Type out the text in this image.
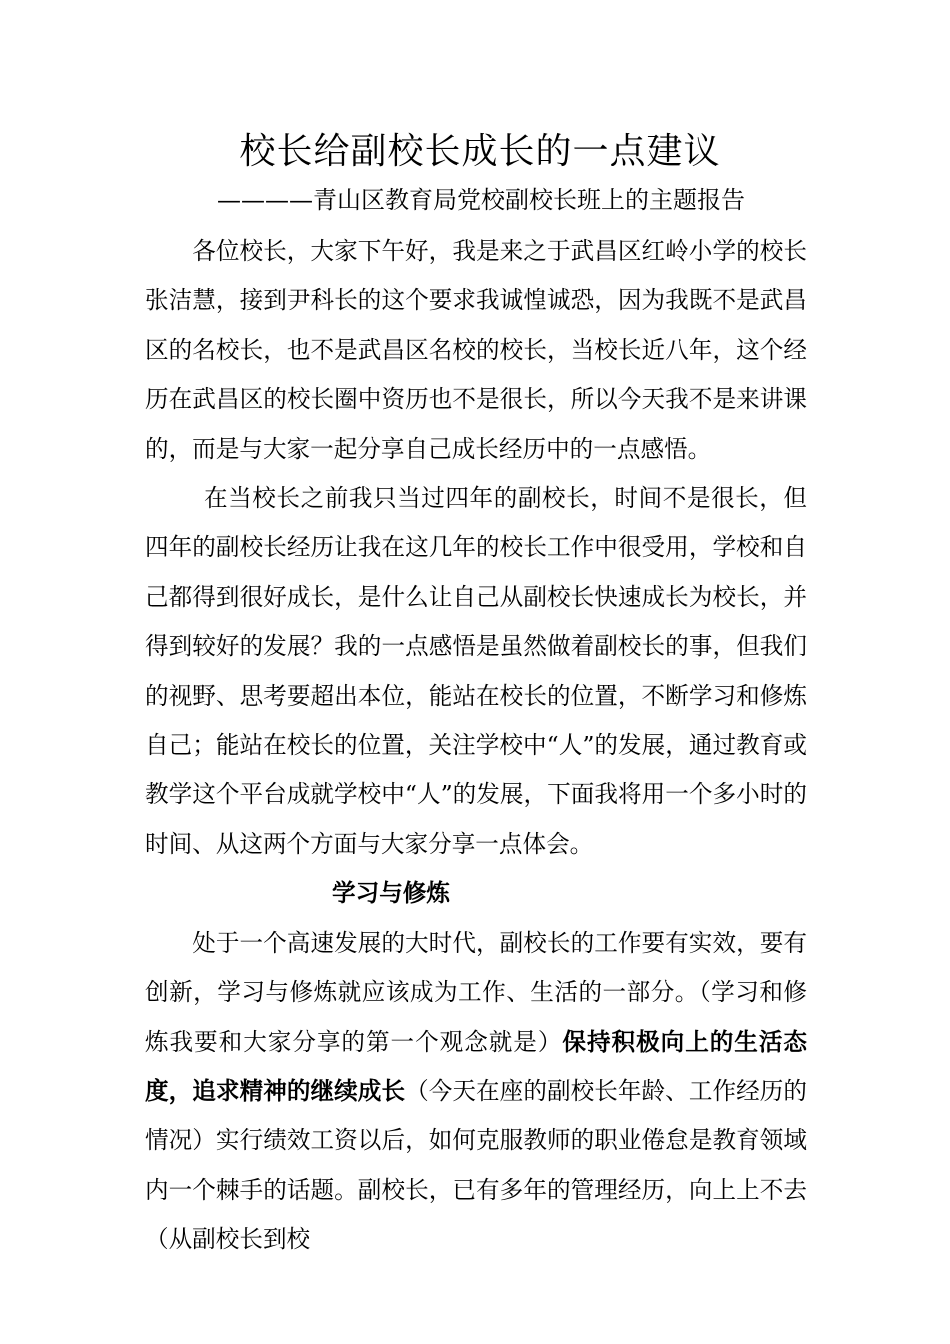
校长给副校长成长的一点建议
————青山区教育局党校副校长班上的主题报告

各位校长，大家下午好，我是来之于武昌区红岭小学的校长张洁慧，接到尹科长的这个要求我诚惶诚恐，因为我既不是武昌区的名校长，也不是武昌区名校的校长，当校长近八年，这个经历在武昌区的校长圈中资历也不是很长，所以今天我不是来讲课的，而是与大家一起分享自己成长经历中的一点感悟。

在当校长之前我只当过四年的副校长，时间不是很长，但四年的副校长经历让我在这几年的校长工作中很受用，学校和自己都得到很好成长，是什么让自己从副校长快速成长为校长，并得到较好的发展？我的一点感悟是虽然做着副校长的事，但我们的视野、思考要超出本位，能站在校长的位置，不断学习和修炼自己；能站在校长的位置，关注学校中“人”的发展，通过教育或教学这个平台成就学校中“人”的发展，下面我将用一个多小时的时间、从这两个方面与大家分享一点体会。

学习与修炼

处于一个高速发展的大时代，副校长的工作要有实效，要有创新，学习与修炼就应该成为工作、生活的一部分。（学习和修炼我要和大家分享的第一个观念就是）保持积极向上的生活态度，追求精神的继续成长（今天在座的副校长年龄、工作经历的情况）实行绩效工资以后，如何克服教师的职业倦怠是教育领域内一个棘手的话题。副校长，已有多年的管理经历，向上上不去（从副校长到校
